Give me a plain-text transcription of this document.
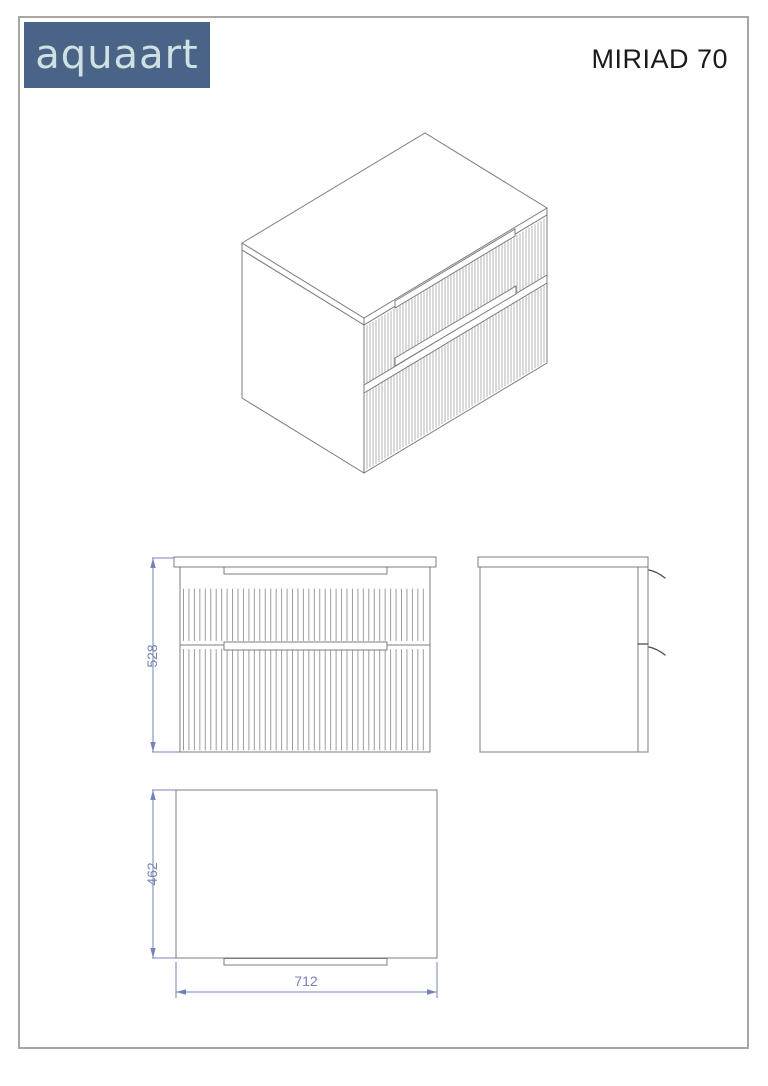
aquaart	MIRIAD 70
528
462
712
